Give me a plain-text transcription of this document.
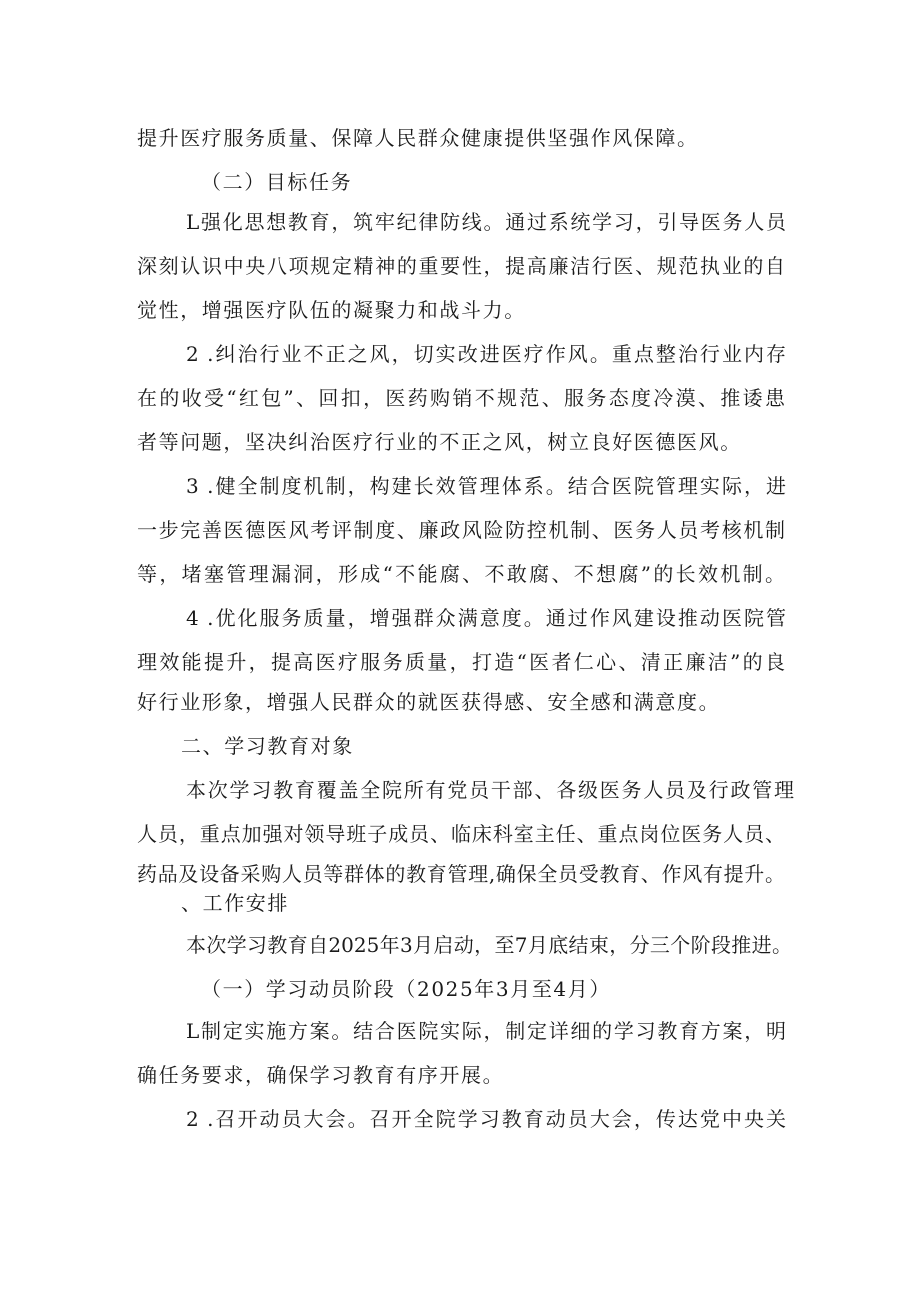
提升医疗服务质量、保障人民群众健康提供坚强作风保障。
（二）目标任务
L强化思想教育，筑牢纪律防线。通过系统学习，引导医务人员
深刻认识中央八项规定精神的重要性，提高廉洁行医、规范执业的自
觉性，增强医疗队伍的凝聚力和战斗力。
2 .纠治行业不正之风，切实改进医疗作风。重点整治行业内存
在的收受“红包”、回扣，医药购销不规范、服务态度冷漠、推诿患
者等问题，坚决纠治医疗行业的不正之风，树立良好医德医风。
3 .健全制度机制，构建长效管理体系。结合医院管理实际，进
一步完善医德医风考评制度、廉政风险防控机制、医务人员考核机制
等，堵塞管理漏洞，形成“不能腐、不敢腐、不想腐”的长效机制。
4 .优化服务质量，增强群众满意度。通过作风建设推动医院管
理效能提升，提高医疗服务质量，打造“医者仁心、清正廉洁”的良
好行业形象，增强人民群众的就医获得感、安全感和满意度。
二、学习教育对象
本次学习教育覆盖全院所有党员干部、各级医务人员及行政管理
人员，重点加强对领导班子成员、临床科室主任、重点岗位医务人员、
药品及设备采购人员等群体的教育管理,确保全员受教育、作风有提升。
、工作安排
本次学习教育自2025年3月启动，至7月底结束，分三个阶段推进。
（一）学习动员阶段（2025年3月至4月）
L制定实施方案。结合医院实际，制定详细的学习教育方案，明
确任务要求，确保学习教育有序开展。
2 .召开动员大会。召开全院学习教育动员大会，传达党中央关
